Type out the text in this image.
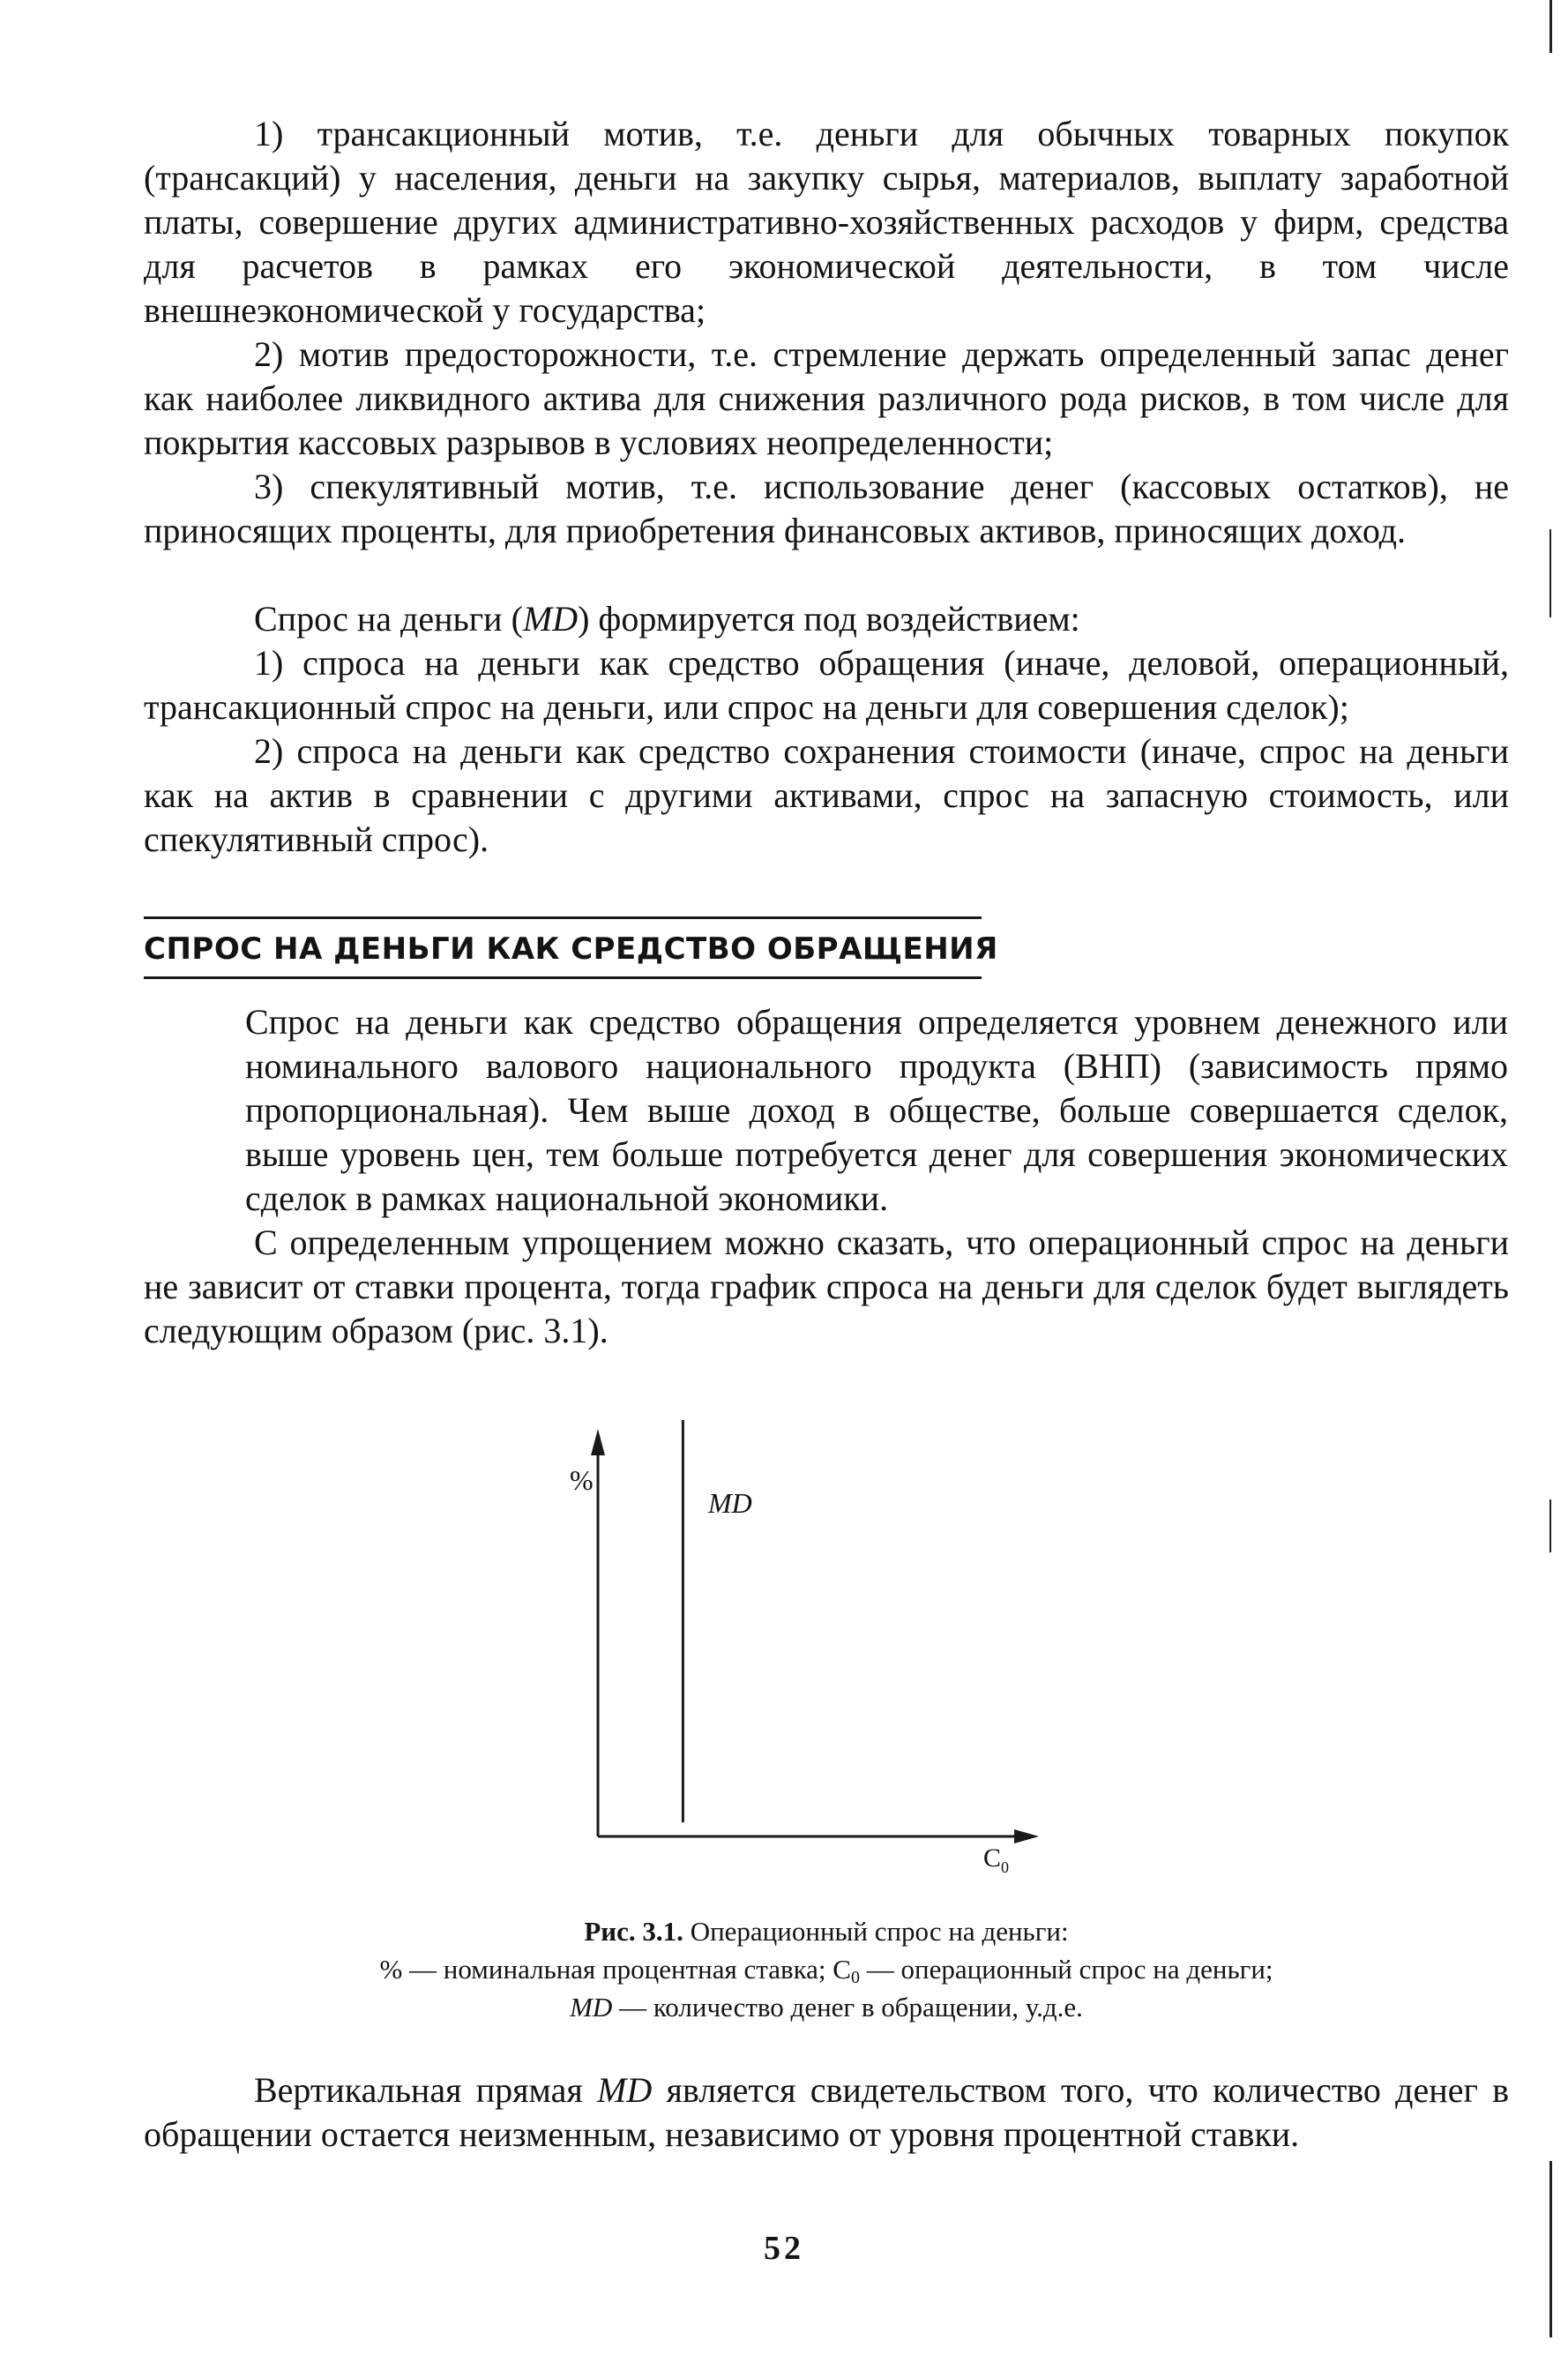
1) трансакционный мотив, т.е. деньги для обычных товарных покупок (трансакций) у населения, деньги на закупку сырья, материалов, выплату заработной платы, совершение других административно-хозяйственных расходов у фирм, средства для расчетов в рамках его экономической деятельности, в том числе внешнеэкономической у государства;
2) мотив предосторожности, т.е. стремление держать определенный запас денег как наиболее ликвидного актива для снижения различного рода рисков, в том числе для покрытия кассовых разрывов в условиях неопределенности;
3) спекулятивный мотив, т.е. использование денег (кассовых остатков), не приносящих проценты, для приобретения финансовых активов, приносящих доход.
Спрос на деньги (MD) формируется под воздействием:
1) спроса на деньги как средство обращения (иначе, деловой, операционный, трансакционный спрос на деньги, или спрос на деньги для совершения сделок);
2) спроса на деньги как средство сохранения стоимости (иначе, спрос на деньги как на актив в сравнении с другими активами, спрос на запасную стоимость, или спекулятивный спрос).
СПРОС НА ДЕНЬГИ КАК СРЕДСТВО ОБРАЩЕНИЯ
Спрос на деньги как средство обращения определяется уровнем денежного или номинального валового национального продукта (ВНП) (зависимость прямо пропорциональная). Чем выше доход в обществе, больше совершается сделок, выше уровень цен, тем больше потребуется денег для совершения экономических сделок в рамках национальной экономики.
С определенным упрощением можно сказать, что операционный спрос на деньги не зависит от ставки процента, тогда график спроса на деньги для сделок будет выглядеть следующим образом (рис. 3.1).
%
MD
$C_0$
Рис. 3.1. Операционный спрос на деньги:
% — номинальная процентная ставка; $C_0$ — операционный спрос на деньги;
MD — количество денег в обращении, у.д.е.
Вертикальная прямая MD является свидетельством того, что количество денег в обращении остается неизменным, независимо от уровня процентной ставки.
52
